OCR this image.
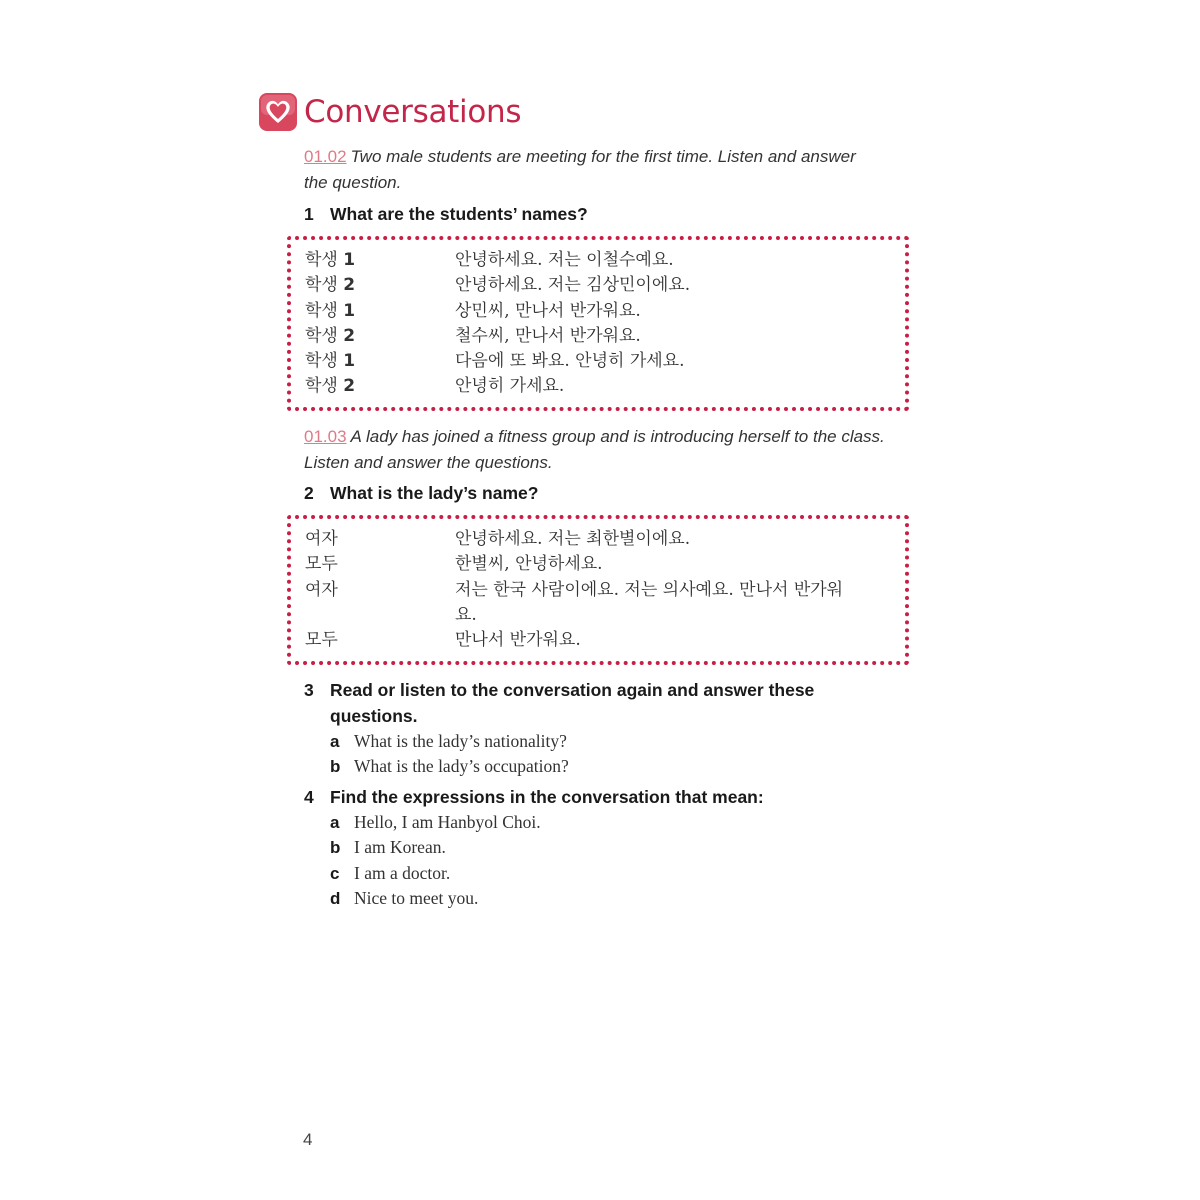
Conversations
01.02 Two male students are meeting for the first time. Listen and answer the question.
1 What are the students’ names?
학생 1	안녕하세요. 저는 이철수예요.
학생 2	안녕하세요. 저는 김상민이에요.
학생 1	상민씨, 만나서 반가워요.
학생 2	철수씨, 만나서 반가워요.
학생 1	다음에 또 봐요. 안녕히 가세요.
학생 2	안녕히 가세요.
01.03 A lady has joined a fitness group and is introducing herself to the class. Listen and answer the questions.
2 What is the lady’s name?
여자	안녕하세요. 저는 최한별이에요.
모두	한별씨, 안녕하세요.
여자	저는 한국 사람이에요. 저는 의사예요. 만나서 반가워요.
모두	만나서 반가워요.
3 Read or listen to the conversation again and answer these questions.
a What is the lady’s nationality?
b What is the lady’s occupation?
4 Find the expressions in the conversation that mean:
a Hello, I am Hanbyol Choi.
b I am Korean.
c I am a doctor.
d Nice to meet you.
4
